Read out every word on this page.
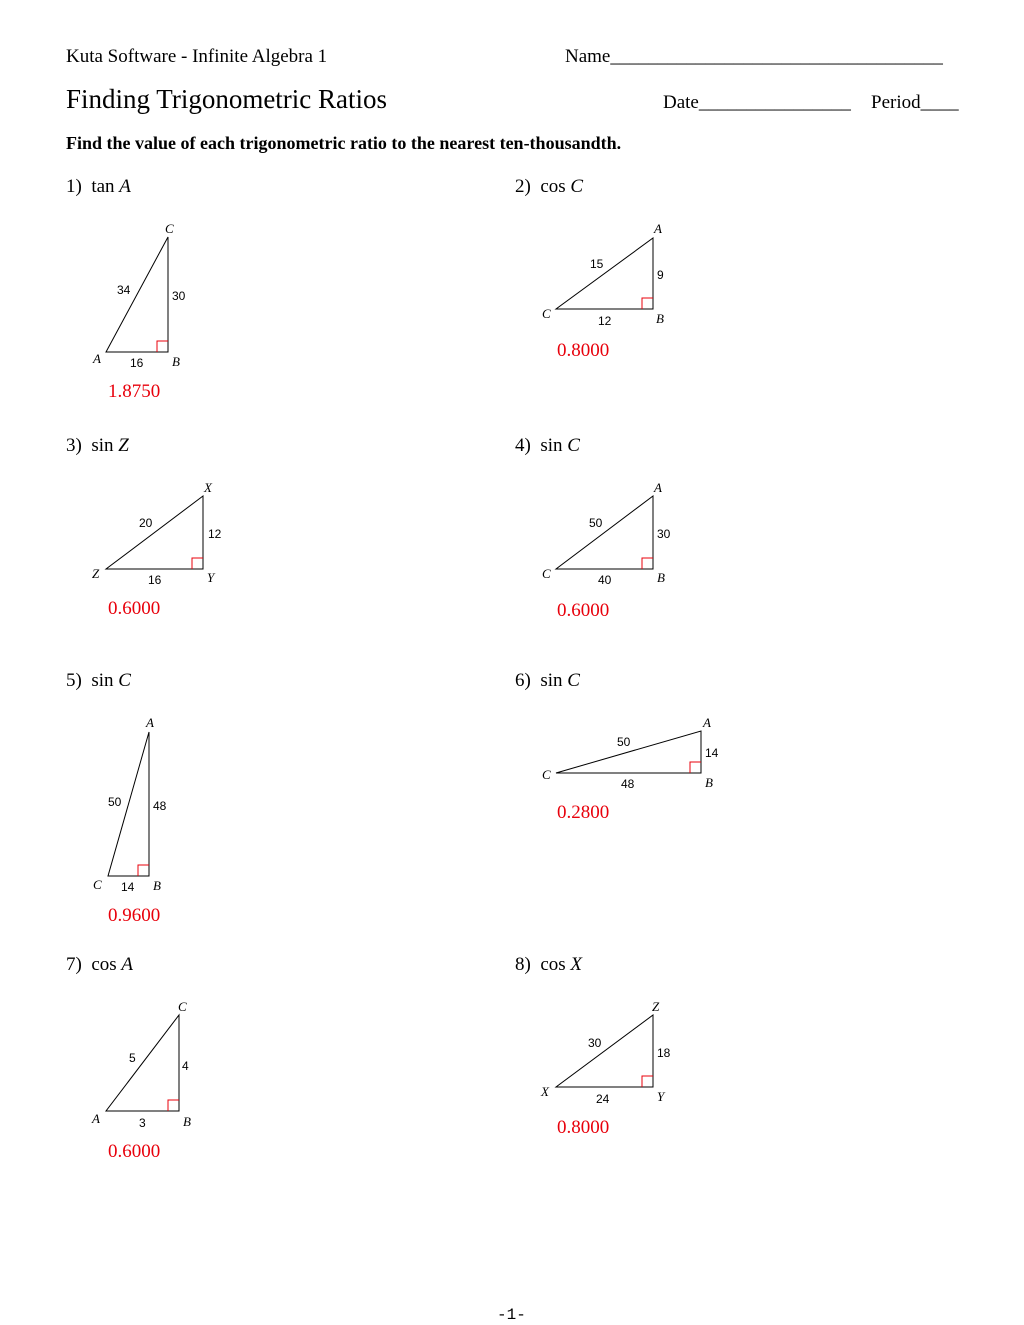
Kuta Software - Infinite Algebra 1	Name___________________________________
Finding Trigonometric Ratios	Date________________ Period____
Find the value of each trigonometric ratio to the nearest ten-thousandth.
1) tan A	2) cos C
3) sin Z	4) sin C
5) sin C	6) sin C
7) cos A	8) cos X
1.8750
0.8000
0.6000	0.6000
0.9600
0.2800
0.6000
0.8000
B
A
C
34	30
16
B
C
A
15
9
12
Y
Z
X
20
12
16	B
C
A
50
30
40
B
C
A
50	48
14
B
C
A
50
14
48
B
A
C
5
4
3
Y
X
Z
30
18
24
-1-
